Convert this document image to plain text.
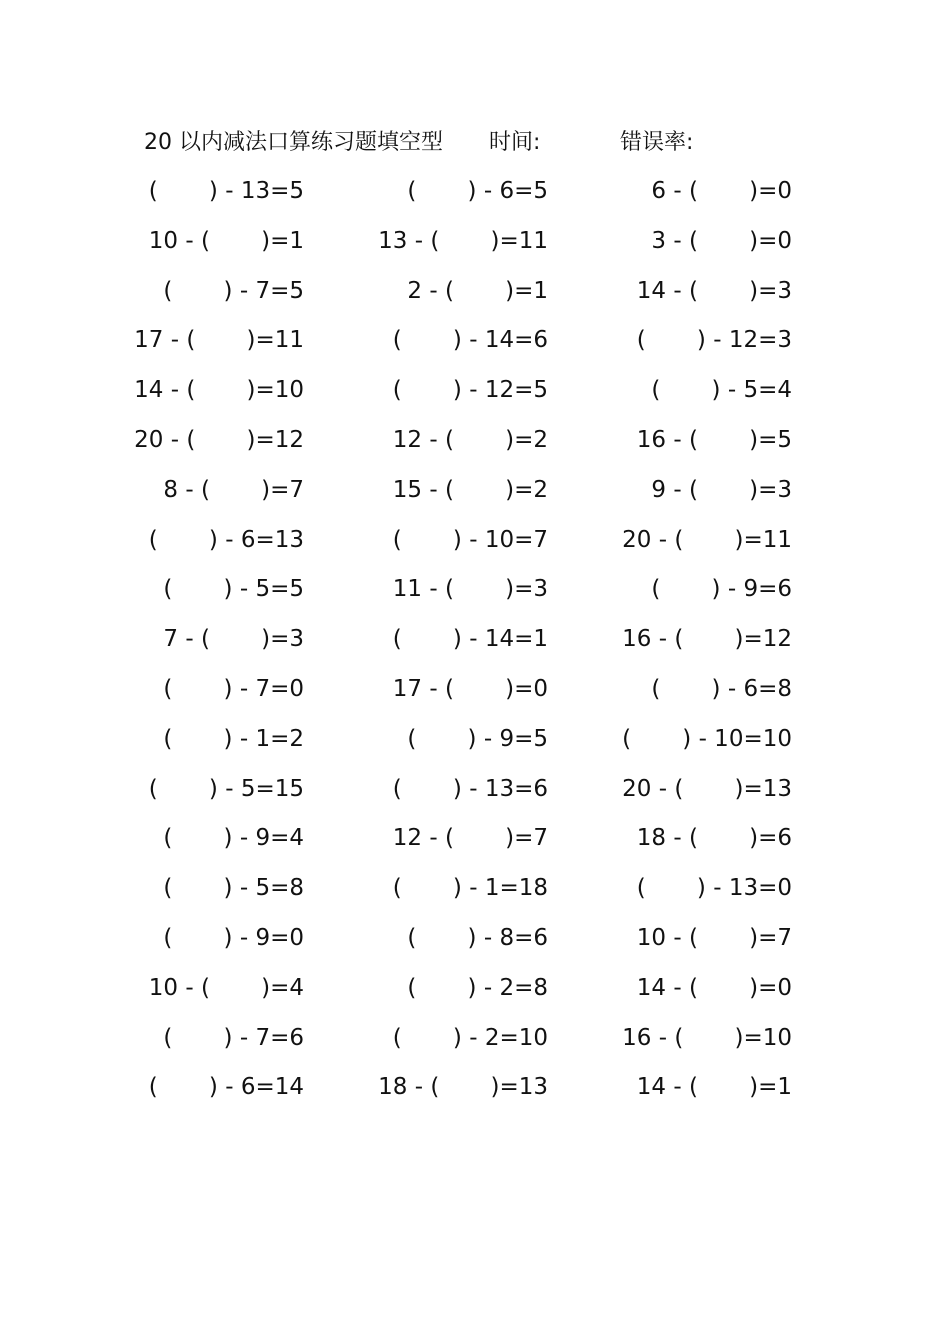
20 以内减法口算练习题填空型 时间:	错误率:
(       ) - 13=5	(       ) - 6=5	6 - (       )=0
10 - (       )=1	13 - (       )=11	3 - (       )=0
(       ) - 7=5	2 - (       )=1	14 - (       )=3
17 - (       )=11	(       ) - 14=6	(       ) - 12=3
14 - (       )=10	(       ) - 12=5	(       ) - 5=4
20 - (       )=12	12 - (       )=2	16 - (       )=5
8 - (       )=7	15 - (       )=2	9 - (       )=3
(       ) - 6=13	(       ) - 10=7	20 - (       )=11
(       ) - 5=5	11 - (       )=3	(       ) - 9=6
7 - (       )=3	(       ) - 14=1	16 - (       )=12
(       ) - 7=0	17 - (       )=0	(       ) - 6=8
(       ) - 1=2	(       ) - 9=5	(       ) - 10=10
(       ) - 5=15	(       ) - 13=6	20 - (       )=13
(       ) - 9=4	12 - (       )=7	18 - (       )=6
(       ) - 5=8	(       ) - 1=18	(       ) - 13=0
(       ) - 9=0	(       ) - 8=6	10 - (       )=7
10 - (       )=4	(       ) - 2=8	14 - (       )=0
(       ) - 7=6	(       ) - 2=10	16 - (       )=10
(       ) - 6=14	18 - (       )=13	14 - (       )=1
